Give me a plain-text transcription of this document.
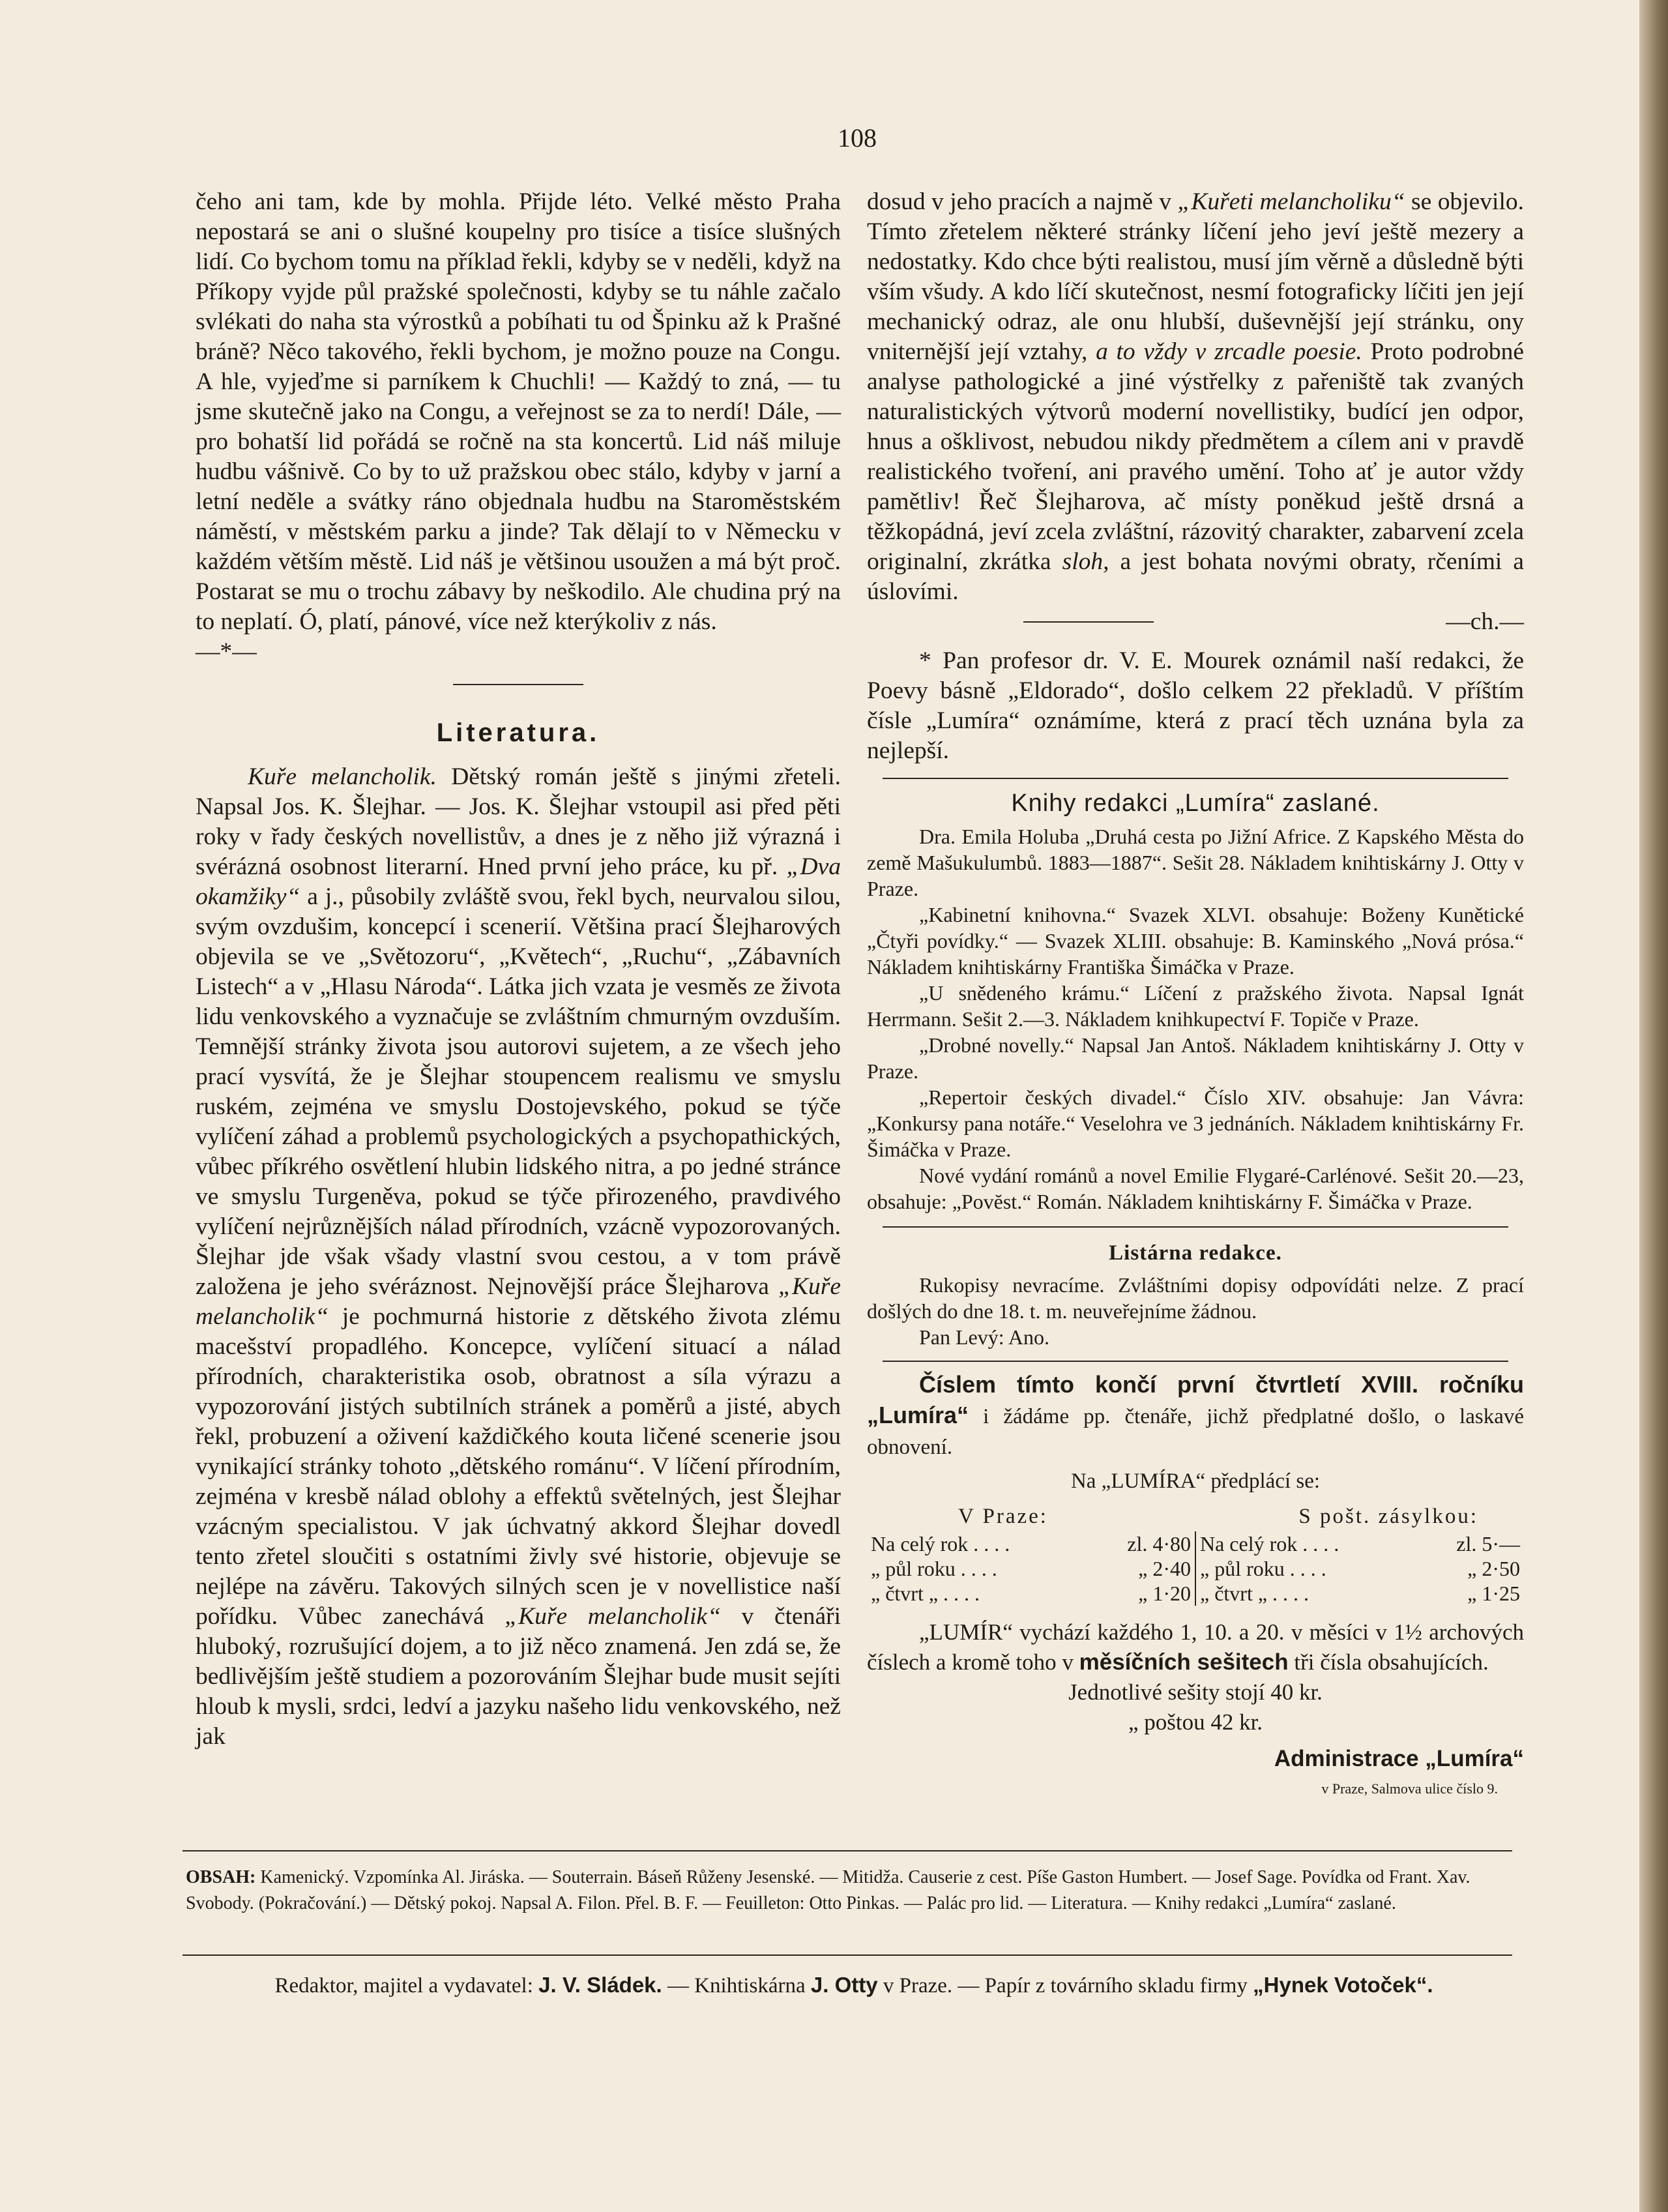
108

čeho ani tam, kde by mohla. Přijde léto. Velké město Praha nepostará se ani o slušné koupelny pro tisíce a tisíce slušných lidí. Co bychom tomu na příklad řekli, kdyby se v neděli, když na Příkopy vyjde půl pražské společnosti, kdyby se tu náhle začalo svlékati do naha sta výrostků a pobíhati tu od Špinku až k Prašné bráně? Něco takového, řekli bychom, je možno pouze na Congu. A hle, vyjeďme si parníkem k Chuchli! — Každý to zná, — tu jsme skutečně jako na Congu, a veřejnost se za to nerdí! Dále, — pro bohatší lid pořádá se ročně na sta koncertů. Lid náš miluje hudbu vášnivě. Co by to už pražskou obec stálo, kdyby v jarní a letní neděle a svátky ráno objednala hudbu na Staroměstském náměstí, v městském parku a jinde? Tak dělají to v Německu v každém větším městě. Lid náš je většinou usoužen a má být proč. Postarat se mu o trochu zábavy by neškodilo. Ale chudina prý na to neplatí. Ó, platí, pánové, více než kterýkoliv z nás.

—*—

Literatura.

Kuře melancholik. Dětský román ještě s jinými zřeteli. Napsal Jos. K. Šlejhar. — Jos. K. Šlejhar vstoupil asi před pěti roky v řady českých novellistův, a dnes je z něho již výrazná i svérázná osobnost literarní. Hned první jeho práce, ku př. „Dva okamžiky“ a j., působily zvláště svou, řekl bych, neurvalou silou, svým ovzdušim, koncepcí i scenerií. Většina prací Šlejharových objevila se ve „Světozoru“, „Květech“, „Ruchu“, „Zábavních Listech“ a v „Hlasu Národa“. Látka jich vzata je vesměs ze života lidu venkovského a vyznačuje se zvláštním chmurným ovzduším. Temnější stránky života jsou autorovi sujetem, a ze všech jeho prací vysvítá, že je Šlejhar stoupencem realismu ve smyslu ruském, zejména ve smyslu Dostojevského, pokud se týče vylíčení záhad a problemů psychologických a psychopathických, vůbec příkrého osvětlení hlubin lidského nitra, a po jedné stránce ve smyslu Turgeněva, pokud se týče přirozeného, pravdivého vylíčení nejrůznějších nálad přírodních, vzácně vypozorovaných. Šlejhar jde však všady vlastní svou cestou, a v tom právě založena je jeho svéráznost. Nejnovější práce Šlejharova „Kuře melancholik“ je pochmurná historie z dětského života zlému macešství propadlého. Koncepce, vylíčení situací a nálad přírodních, charakteristika osob, obratnost a síla výrazu a vypozorování jistých subtilních stránek a poměrů a jisté, abych řekl, probuzení a oživení každičkého kouta ličené scenerie jsou vynikající stránky tohoto „dětského románu“. V líčení přírodním, zejména v kresbě nálad oblohy a effektů světelných, jest Šlejhar vzácným specialistou. V jak úchvatný akkord Šlejhar dovedl tento zřetel sloučiti s ostatními živly své historie, objevuje se nejlépe na závěru. Takových silných scen je v novellistice naší pořídku. Vůbec zanechává „Kuře melancholik“ v čtenáři hluboký, rozrušující dojem, a to již něco znamená. Jen zdá se, že bedlivějším ještě studiem a pozorováním Šlejhar bude musit sejíti hloub k mysli, srdci, ledví a jazyku našeho lidu venkovského, než jak

dosud v jeho pracích a najmě v „Kuřeti melancholiku“ se objevilo. Tímto zřetelem některé stránky líčení jeho jeví ještě mezery a nedostatky. Kdo chce býti realistou, musí jím věrně a důsledně býti vším všudy. A kdo líčí skutečnost, nesmí fotograficky líčiti jen její mechanický odraz, ale onu hlubší, duševnější její stránku, ony vniternější její vztahy, a to vždy v zrcadle poesie. Proto podrobné analyse pathologické a jiné výstřelky z pařeniště tak zvaných naturalistických výtvorů moderní novellistiky, budící jen odpor, hnus a ošklivost, nebudou nikdy předmětem a cílem ani v pravdě realistického tvoření, ani pravého umění. Toho ať je autor vždy pamětliv! Řeč Šlejharova, ač místy poněkud ještě drsná a těžkopádná, jeví zcela zvláštní, rázovitý charakter, zabarvení zcela originalní, zkrátka sloh, a jest bohata novými obraty, rčeními a úslovími.

—ch.—

* Pan profesor dr. V. E. Mourek oznámil naší redakci, že Poevy básně „Eldorado“, došlo celkem 22 překladů. V příštím čísle „Lumíra“ oznámíme, která z prací těch uznána byla za nejlepší.

Knihy redakci „Lumíra“ zaslané.

Dra. Emila Holuba „Druhá cesta po Jižní Africe. Z Kapského Města do země Mašukulumbů. 1883—1887“. Sešit 28. Nákladem knihtiskárny J. Otty v Praze.

„Kabinetní knihovna.“ Svazek XLVI. obsahuje: Boženy Kunětické „Čtyři povídky.“ — Svazek XLIII. obsahuje: B. Kaminského „Nová prósa.“ Nákladem knihtiskárny Františka Šimáčka v Praze.

„U snědeného krámu.“ Líčení z pražského života. Napsal Ignát Herrmann. Sešit 2.—3. Nákladem knihkupectví F. Topiče v Praze.

„Drobné novelly.“ Napsal Jan Antoš. Nákladem knihtiskárny J. Otty v Praze.

„Repertoir českých divadel.“ Číslo XIV. obsahuje: Jan Vávra: „Konkursy pana notáře.“ Veselohra ve 3 jednáních. Nákladem knihtiskárny Fr. Šimáčka v Praze.

Nové vydání románů a novel Emilie Flygaré-Carlénové. Sešit 20.—23, obsahuje: „Povĕst.“ Román. Nákladem knihtiskárny F. Šimáčka v Praze.

Listárna redakce.

Rukopisy nevracíme. Zvláštními dopisy odpovídáti nelze. Z prací došlých do dne 18. t. m. neuveřejníme žádnou.

Pan Levý: Ano.

Číslem tímto končí první čtvrtletí XVIII. ročníku „Lumíra“ i žádáme pp. čtenáře, jichž předplatné došlo, o laskavé obnovení.

Na „LUMÍRA“ předplácí se:
V Praze:	S pošt. zásylkou:
Na celý rok . . . .	zl. 4·80	Na celý rok . . . .	zl. 5·—
„ půl roku . . . .	„ 2·40	„ půl roku . . . .	„ 2·50
„ čtvrt „ . . . .	„ 1·20	„ čtvrt „ . . . .	„ 1·25

„LUMÍR“ vychází každého 1, 10. a 20. v měsíci v 1½ archových číslech a kromě toho v měsíčních sešitech tři čísla obsahujících.

Jednotlivé sešity stojí 40 kr.
„ poštou 42 kr.
Administrace „Lumíra“
v Praze, Salmova ulice číslo 9.
OBSAH: Kamenický. Vzpomínka Al. Jiráska. — Souterrain. Báseň Růženy Jesenské. — Mitidža. Causerie z cest. Píše Gaston Humbert. — Josef Sage. Povídka od Frant. Xav. Svobody. (Pokračování.) — Dětský pokoj. Napsal A. Filon. Přel. B. F. — Feuilleton: Otto Pinkas. — Palác pro lid. — Literatura. — Knihy redakci „Lumíra“ zaslané.
Redaktor, majitel a vydavatel: J. V. Sládek. — Knihtiskárna J. Otty v Praze. — Papír z továrního skladu firmy „Hynek Votoček“.
